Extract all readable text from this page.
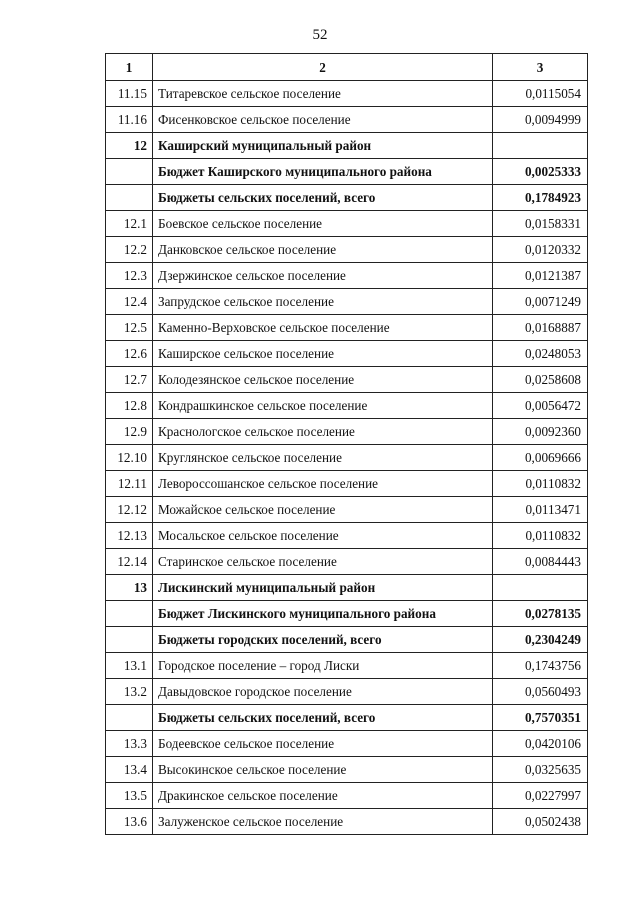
52
1	2	3
11.15	Титаревское сельское поселение	0,0115054
11.16	Фисенковское сельское поселение	0,0094999
12	Каширский муниципальный район	
	Бюджет Каширского муниципального района	0,0025333
	Бюджеты сельских поселений, всего	0,1784923
12.1	Боевское сельское поселение	0,0158331
12.2	Данковское сельское поселение	0,0120332
12.3	Дзержинское сельское поселение	0,0121387
12.4	Запрудское сельское поселение	0,0071249
12.5	Каменно-Верховское сельское поселение	0,0168887
12.6	Каширское сельское поселение	0,0248053
12.7	Колодезянское сельское поселение	0,0258608
12.8	Кондрашкинское сельское поселение	0,0056472
12.9	Краснологское сельское поселение	0,0092360
12.10	Круглянское сельское поселение	0,0069666
12.11	Левороссошанское сельское поселение	0,0110832
12.12	Можайское сельское поселение	0,0113471
12.13	Мосальское сельское поселение	0,0110832
12.14	Старинское сельское поселение	0,0084443
13	Лискинский муниципальный район	
	Бюджет Лискинского муниципального района	0,0278135
	Бюджеты городских поселений, всего	0,2304249
13.1	Городское поселение – город Лиски	0,1743756
13.2	Давыдовское городское поселение	0,0560493
	Бюджеты сельских поселений, всего	0,7570351
13.3	Бодеевское сельское поселение	0,0420106
13.4	Высокинское сельское поселение	0,0325635
13.5	Дракинское сельское поселение	0,0227997
13.6	Залуженское сельское поселение	0,0502438
